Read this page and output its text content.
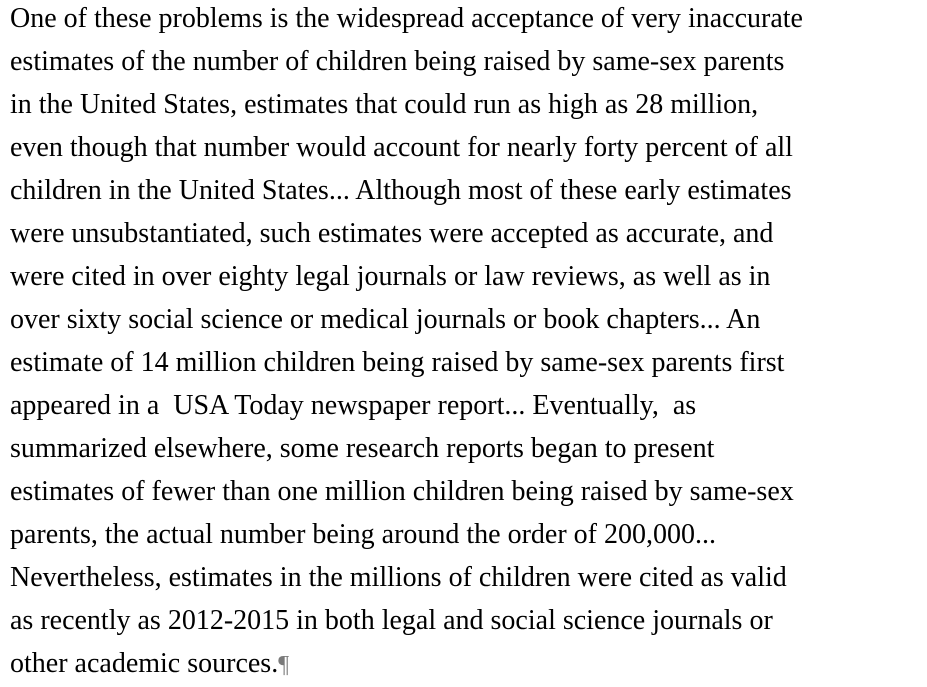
One of these problems is the widespread acceptance of very inaccurate
estimates of the number of children being raised by same-sex parents
in the United States, estimates that could run as high as 28 million,
even though that number would account for nearly forty percent of all
children in the United States... Although most of these early estimates
were unsubstantiated, such estimates were accepted as accurate, and
were cited in over eighty legal journals or law reviews, as well as in
over sixty social science or medical journals or book chapters... An
estimate of 14 million children being raised by same-sex parents first
appeared in a  USA Today newspaper report... Eventually,  as
summarized elsewhere, some research reports began to present
estimates of fewer than one million children being raised by same-sex
parents, the actual number being around the order of 200,000...
Nevertheless, estimates in the millions of children were cited as valid
as recently as 2012-2015 in both legal and social science journals or
other academic sources.¶
